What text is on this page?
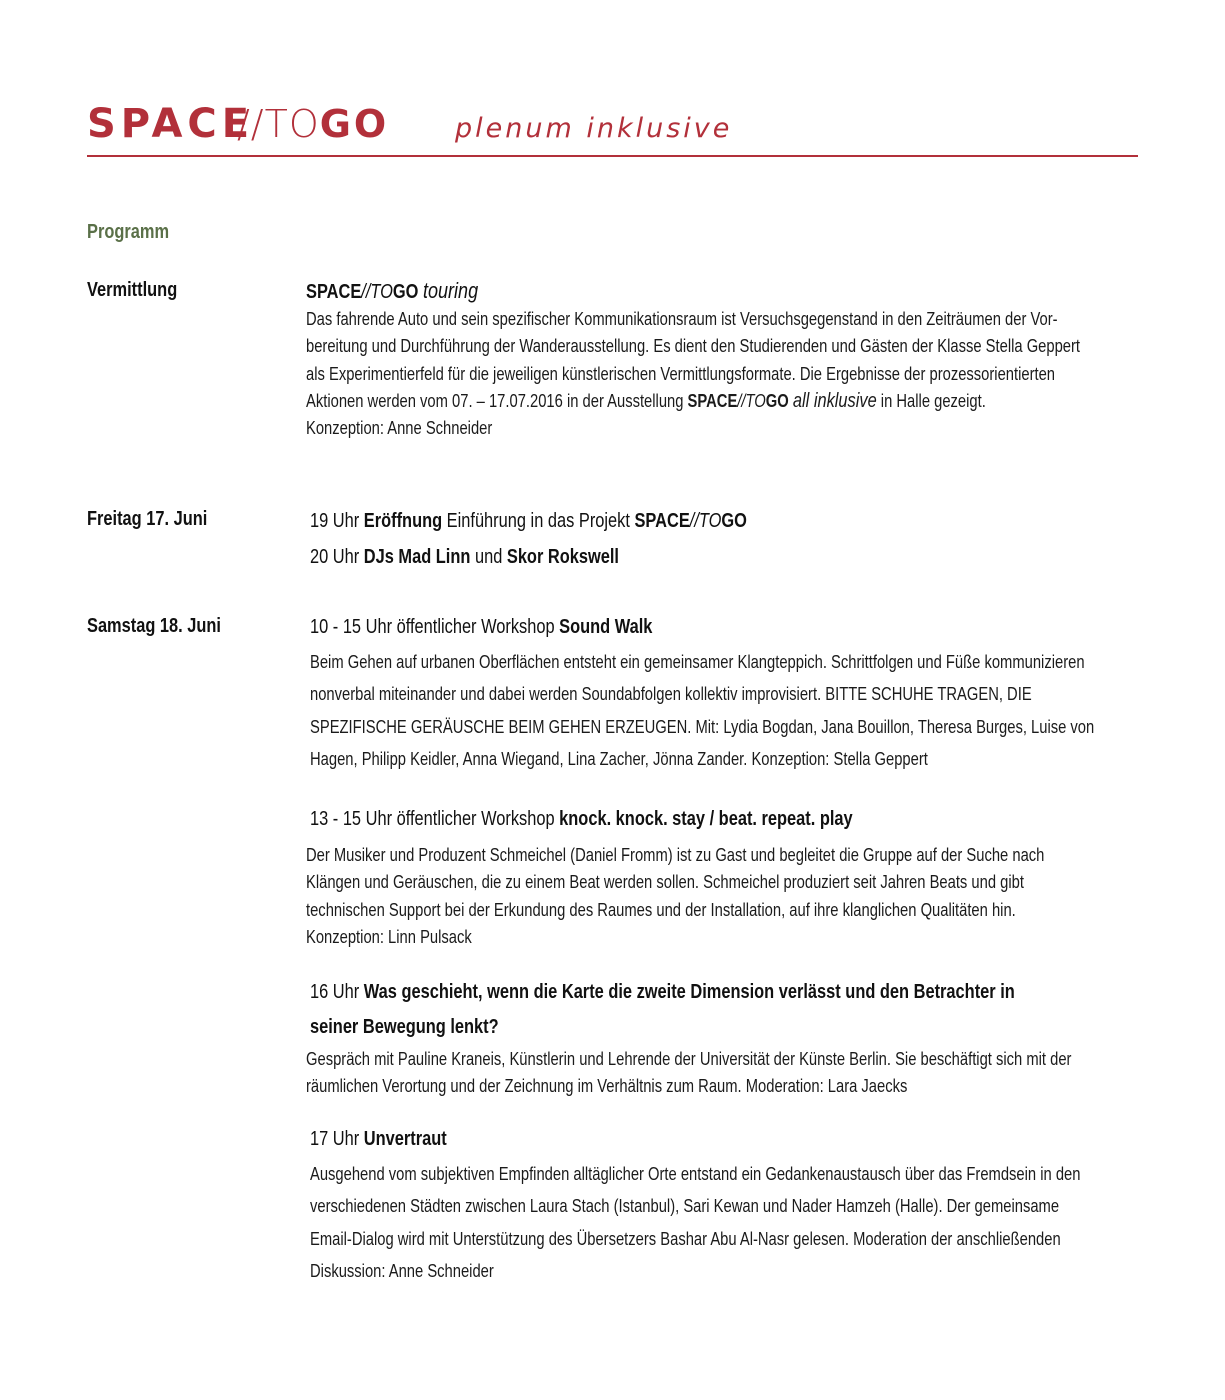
SPACE
//TOGO plenum inklusive
Programm
Vermittlung	SPACE//TOGO touring
Das fahrende Auto und sein spezifischer Kommunikationsraum ist Versuchsgegenstand in den Zeiträumen der Vor-
bereitung und Durchführung der Wanderausstellung. Es dient den Studierenden und Gästen der Klasse Stella Geppert
als Experimentierfeld für die jeweiligen künstlerischen Vermittlungsformate. Die Ergebnisse der prozessorientierten
Aktionen werden vom 07. – 17.07.2016 in der Ausstellung SPACE//TOGO all inklusive in Halle gezeigt.
Konzeption: Anne Schneider
Freitag 17. Juni	19 Uhr Eröffnung Einführung in das Projekt SPACE//TOGO
20 Uhr DJs Mad Linn und Skor Rokswell
Samstag 18. Juni	10 - 15 Uhr öffentlicher Workshop Sound Walk
Beim Gehen auf urbanen Oberflächen entsteht ein gemeinsamer Klangteppich. Schrittfolgen und Füße kommunizieren
nonverbal miteinander und dabei werden Soundabfolgen kollektiv improvisiert. BITTE SCHUHE TRAGEN, DIE
SPEZIFISCHE GERÄUSCHE BEIM GEHEN ERZEUGEN. Mit: Lydia Bogdan, Jana Bouillon, Theresa Burges, Luise von
Hagen, Philipp Keidler, Anna Wiegand, Lina Zacher, Jönna Zander. Konzeption: Stella Geppert
13 - 15 Uhr öffentlicher Workshop knock. knock. stay / beat. repeat. play
Der Musiker und Produzent Schmeichel (Daniel Fromm) ist zu Gast und begleitet die Gruppe auf der Suche nach
Klängen und Geräuschen, die zu einem Beat werden sollen. Schmeichel produziert seit Jahren Beats und gibt
technischen Support bei der Erkundung des Raumes und der Installation, auf ihre klanglichen Qualitäten hin.
Konzeption: Linn Pulsack
16 Uhr Was geschieht, wenn die Karte die zweite Dimension verlässt und den Betrachter in
seiner Bewegung lenkt?
Gespräch mit Pauline Kraneis, Künstlerin und Lehrende der Universität der Künste Berlin. Sie beschäftigt sich mit der
räumlichen Verortung und der Zeichnung im Verhältnis zum Raum. Moderation: Lara Jaecks
17 Uhr Unvertraut
Ausgehend vom subjektiven Empfinden alltäglicher Orte entstand ein Gedankenaustausch über das Fremdsein in den
verschiedenen Städten zwischen Laura Stach (Istanbul), Sari Kewan und Nader Hamzeh (Halle). Der gemeinsame
Email-Dialog wird mit Unterstützung des Übersetzers Bashar Abu Al-Nasr gelesen. Moderation der anschließenden
Diskussion: Anne Schneider
